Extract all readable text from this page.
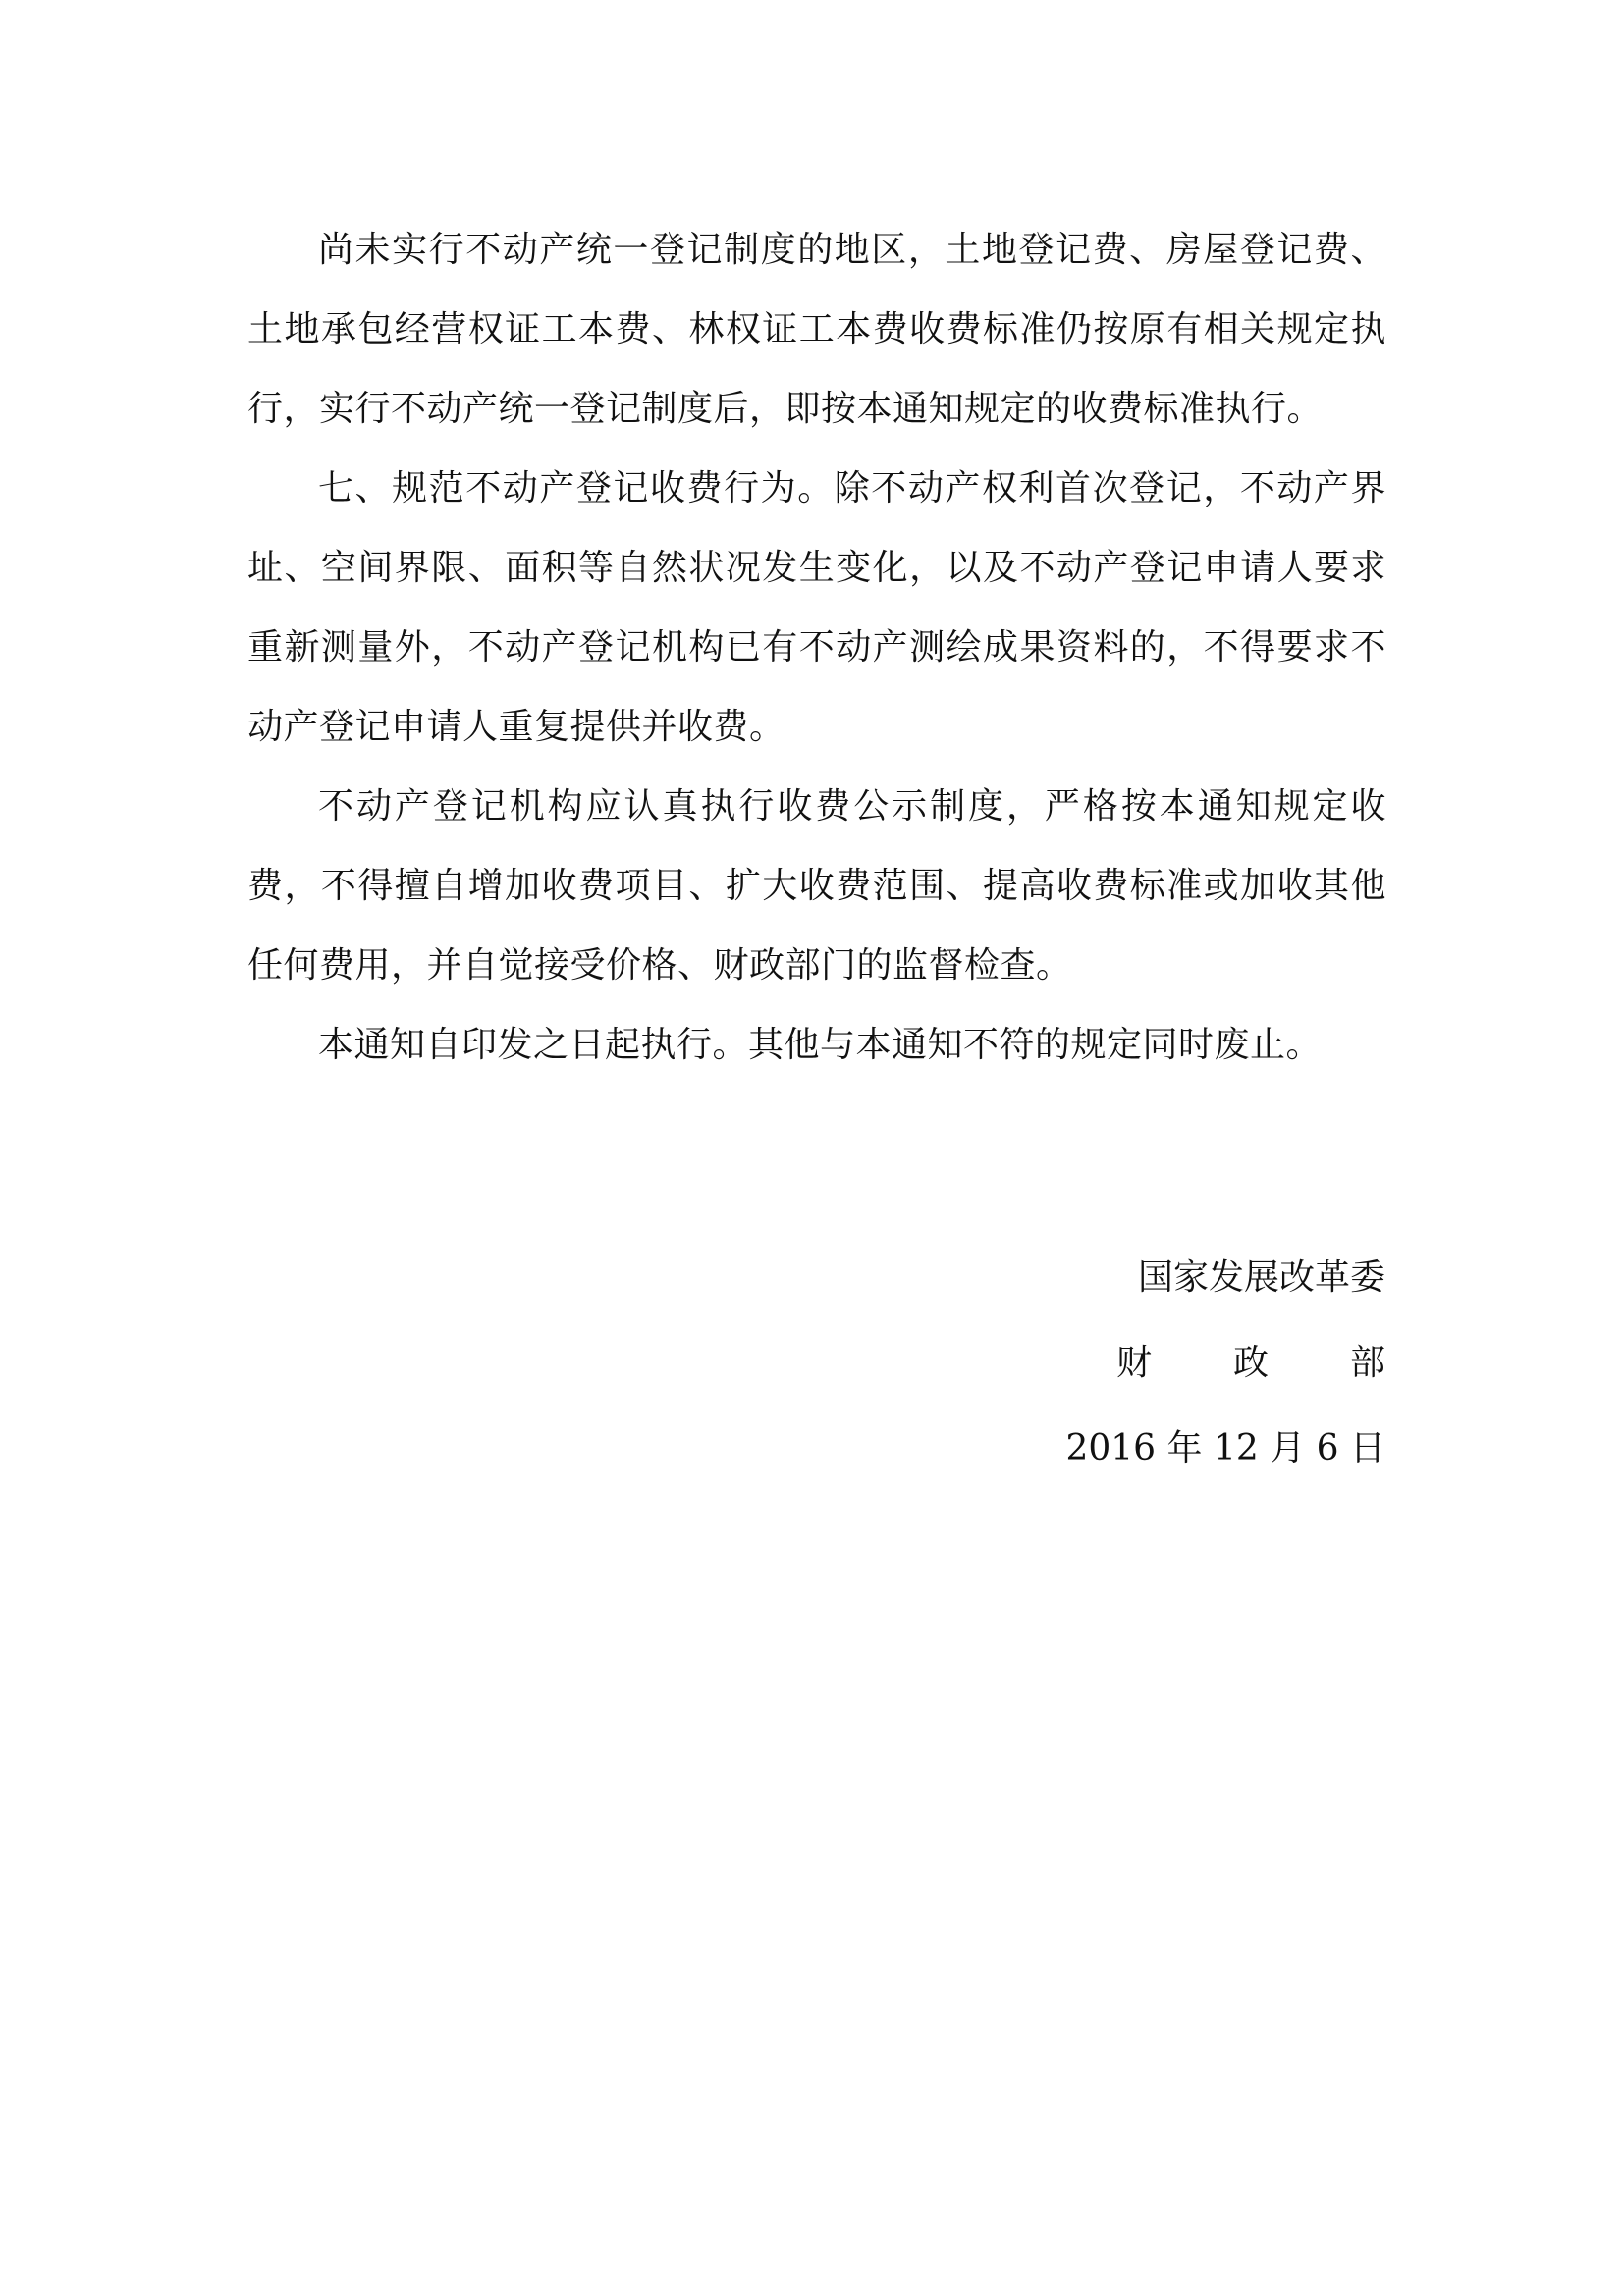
尚未实行不动产统一登记制度的地区，土地登记费、房屋登记费、土地承包经营权证工本费、林权证工本费收费标准仍按原有相关规定执行，实行不动产统一登记制度后，即按本通知规定的收费标准执行。

七、规范不动产登记收费行为。除不动产权利首次登记，不动产界址、空间界限、面积等自然状况发生变化，以及不动产登记申请人要求重新测量外，不动产登记机构已有不动产测绘成果资料的，不得要求不动产登记申请人重复提供并收费。

不动产登记机构应认真执行收费公示制度，严格按本通知规定收费，不得擅自增加收费项目、扩大收费范围、提高收费标准或加收其他任何费用，并自觉接受价格、财政部门的监督检查。

本通知自印发之日起执行。其他与本通知不符的规定同时废止。

国家发展改革委
财 政 部
2016 年 12 月 6 日
